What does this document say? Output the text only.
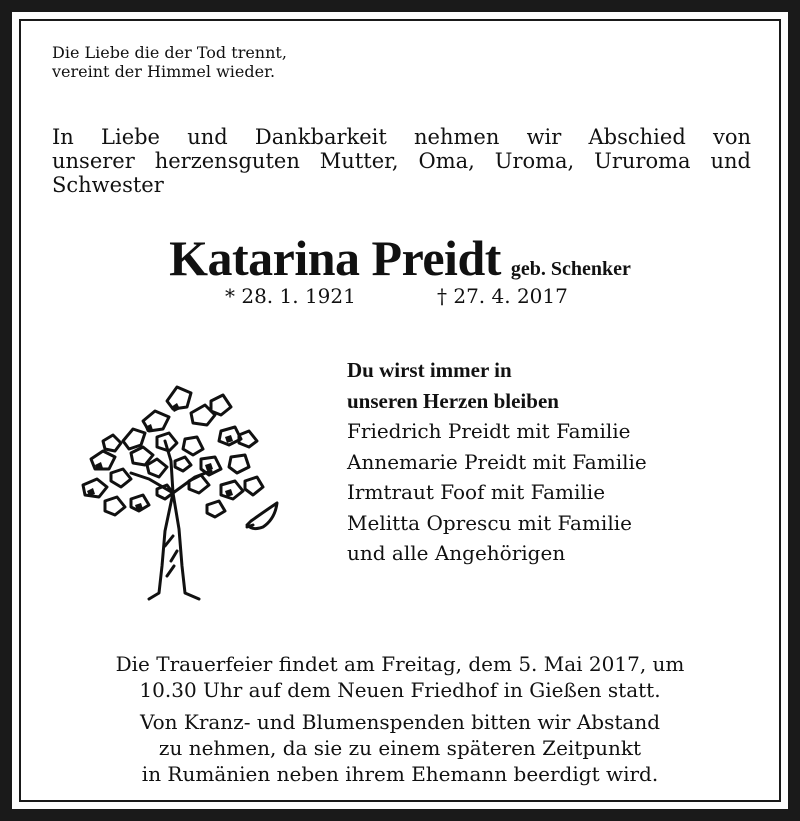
Die Liebe die der Tod trennt,
vereint der Himmel wieder.
In Liebe und Dankbarkeit nehmen wir Abschied von
unserer herzensguten Mutter, Oma, Uroma, Ururoma und
Schwester
Katarina Preidt geb. Schenker
* 28. 1. 1921	† 27. 4. 2017
Du wirst immer in
unseren Herzen bleiben
Friedrich Preidt mit Familie
Annemarie Preidt mit Familie
Irmtraut Foof mit Familie
Melitta Oprescu mit Familie
und alle Angehörigen
Die Trauerfeier findet am Freitag, dem 5. Mai 2017, um
10.30 Uhr auf dem Neuen Friedhof in Gießen statt.
Von Kranz- und Blumenspenden bitten wir Abstand
zu nehmen, da sie zu einem späteren Zeitpunkt
in Rumänien neben ihrem Ehemann beerdigt wird.
